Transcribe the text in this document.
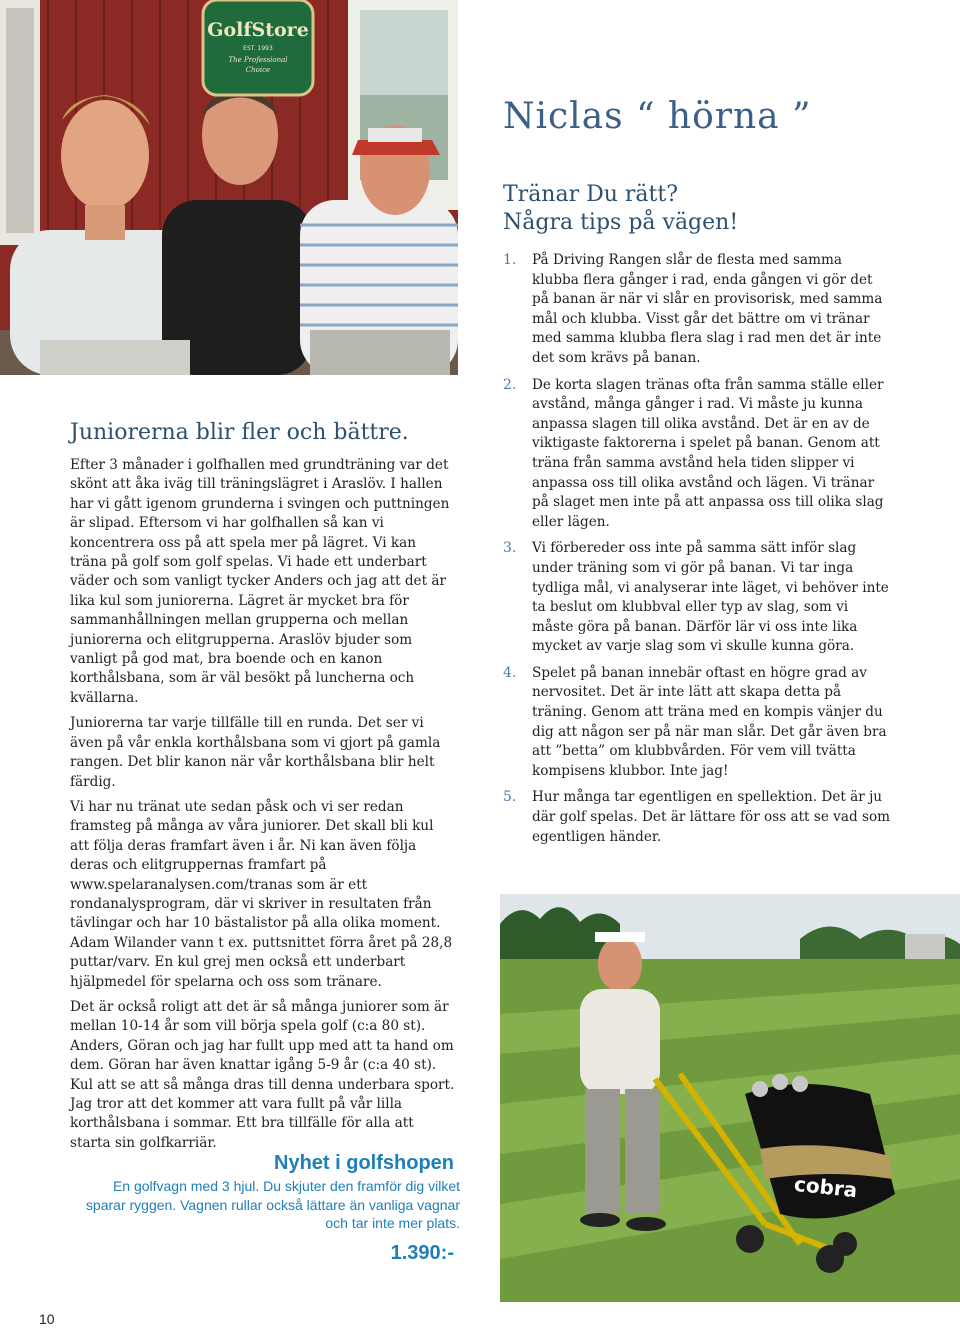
GolfStore
EST. 1993
The Professional
Choice
Niclas “ hörna ”
Tränar Du rätt?
Några tips på vägen!
1. På Driving Rangen slår de flesta med samma klubba flera gånger i rad, enda gången vi gör det på banan är när vi slår en provisorisk, med samma mål och klubba. Visst går det bättre om vi tränar med samma klubba flera slag i rad men det är inte det som krävs på banan.
2. De korta slagen tränas ofta från samma ställe eller avstånd, många gånger i rad. Vi måste ju kunna anpassa slagen till olika avstånd. Det är en av de viktigaste faktorerna i spelet på banan. Genom att träna från samma avstånd hela tiden slipper vi anpassa oss till olika avstånd och lägen. Vi tränar på slaget men inte på att anpassa oss till olika slag eller lägen.
3. Vi förbereder oss inte på samma sätt inför slag under träning som vi gör på banan. Vi tar inga tydliga mål, vi analyserar inte läget, vi behöver inte ta beslut om klubbval eller typ av slag, som vi måste göra på banan. Därför lär vi oss inte lika mycket av varje slag som vi skulle kunna göra.
4. Spelet på banan innebär oftast en högre grad av nervositet. Det är inte lätt att skapa detta på träning. Genom att träna med en kompis vänjer du dig att någon ser på när man slår. Det går även bra att ”betta” om klubbvården. För vem vill tvätta kompisens klubbor. Inte jag!
5. Hur många tar egentligen en spellektion. Det är ju där golf spelas. Det är lättare för oss att se vad som egentligen händer.
Juniorerna blir fler och bättre.

Efter 3 månader i golfhallen med grundträning var det skönt att åka iväg till träningslägret i Araslöv. I hallen har vi gått igenom grunderna i svingen och puttningen är slipad. Eftersom vi har golfhallen så kan vi koncentrera oss på att spela mer på lägret. Vi kan träna på golf som golf spelas. Vi hade ett underbart väder och som vanligt tycker Anders och jag att det är lika kul som juniorerna. Lägret är mycket bra för sammanhållningen mellan grupperna och mellan juniorerna och elitgrupperna. Araslöv bjuder som vanligt på god mat, bra boende och en kanon korthålsbana, som är väl besökt på luncherna och kvällarna.

Juniorerna tar varje tillfälle till en runda. Det ser vi även på vår enkla korthålsbana som vi gjort på gamla rangen. Det blir kanon när vår korthålsbana blir helt färdig.

Vi har nu tränat ute sedan påsk och vi ser redan framsteg på många av våra juniorer. Det skall bli kul att följa deras framfart även i år. Ni kan även följa deras och elitgruppernas framfart på www.spelaranalysen.com/tranas som är ett rondanalysprogram, där vi skriver in resultaten från tävlingar och har 10 bästalistor på alla olika moment. Adam Wilander vann t ex. puttsnittet förra året på 28,8 puttar/varv. En kul grej men också ett underbart hjälpmedel för spelarna och oss som tränare.

Det är också roligt att det är så många juniorer som är mellan 10-14 år som vill börja spela golf (c:a 80 st). Anders, Göran och jag har fullt upp med att ta hand om dem. Göran har även knattar igång 5-9 år (c:a 40 st). Kul att se att så många dras till denna underbara sport. Jag tror att det kommer att vara fullt på vår lilla korthålsbana i sommar. Ett bra tillfälle för alla att starta sin golfkarriär.

cobra
Nyhet i golfshopen
En golfvagn med 3 hjul. Du skjuter den framför dig vilket sparar ryggen. Vagnen rullar också lättare än vanliga vagnar och tar inte mer plats.
1.390:-
10
